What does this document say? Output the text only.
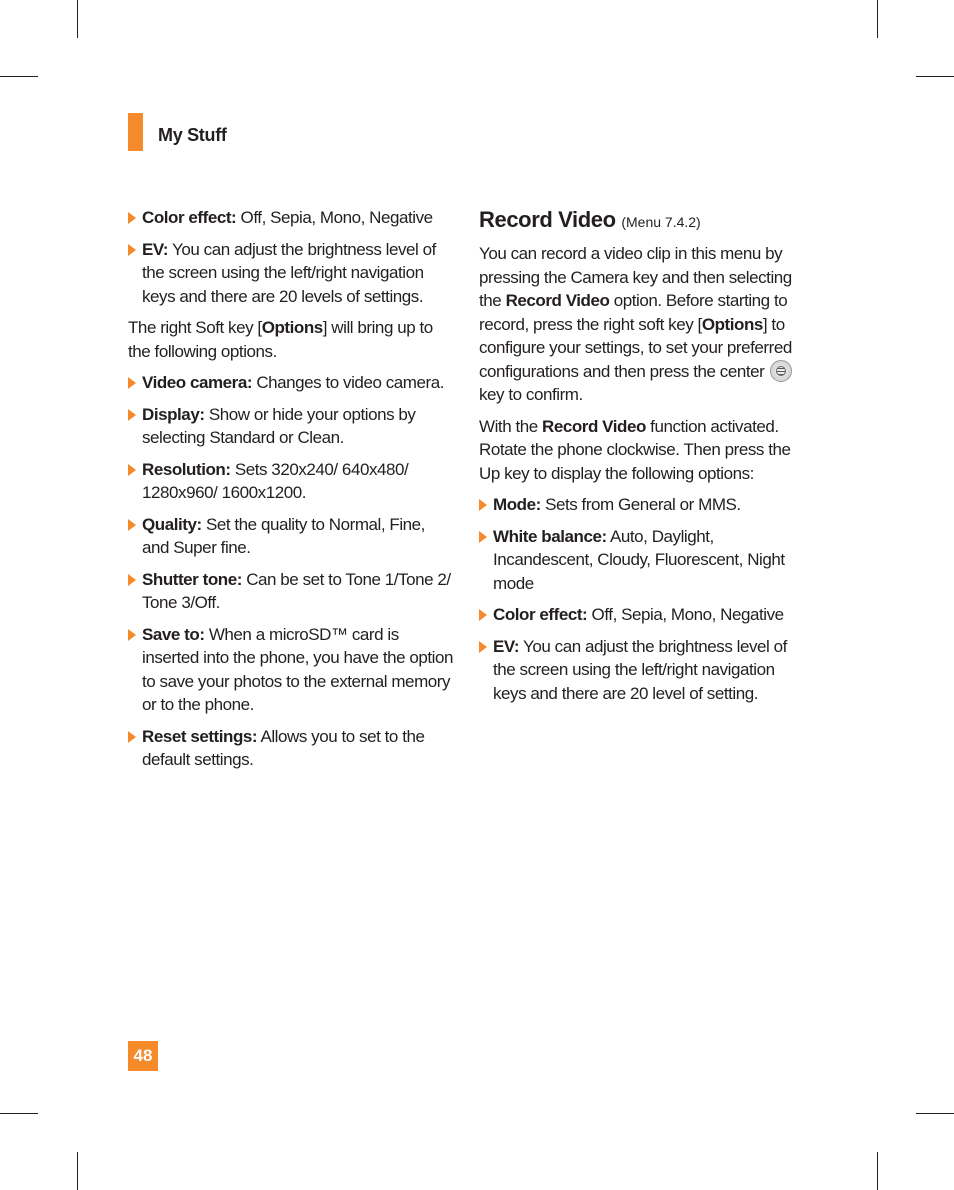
My Stuff
Color effect: Off, Sepia, Mono, Negative
EV: You can adjust the brightness level of the screen using the left/right navigation keys and there are 20 levels of settings.

The right Soft key [Options] will bring up to the following options.

Video camera: Changes to video camera.
Display: Show or hide your options by selecting Standard or Clean.
Resolution: Sets 320x240/ 640x480/ 1280x960/ 1600x1200.
Quality: Set the quality to Normal, Fine, and Super fine.
Shutter tone: Can be set to Tone 1/Tone 2/ Tone 3/Off.
Save to: When a microSD™ card is inserted into the phone, you have the option to save your photos to the external memory or to the phone.
Reset settings: Allows you to set to the default settings.
Record Video (Menu 7.4.2)

You can record a video clip in this menu by pressing the Camera key and then selecting the Record Video option. Before starting to record, press the right soft key [Options] to configure your settings, to set your preferred configurations and then press the centerkey to confirm.

With the Record Video function activated. Rotate the phone clockwise. Then press the Up key to display the following options:

Mode: Sets from General or MMS.
White balance: Auto, Daylight, Incandescent, Cloudy, Fluorescent, Night mode
Color effect: Off, Sepia, Mono, Negative
EV: You can adjust the brightness level of the screen using the left/right navigation keys and there are 20 level of setting.
48
